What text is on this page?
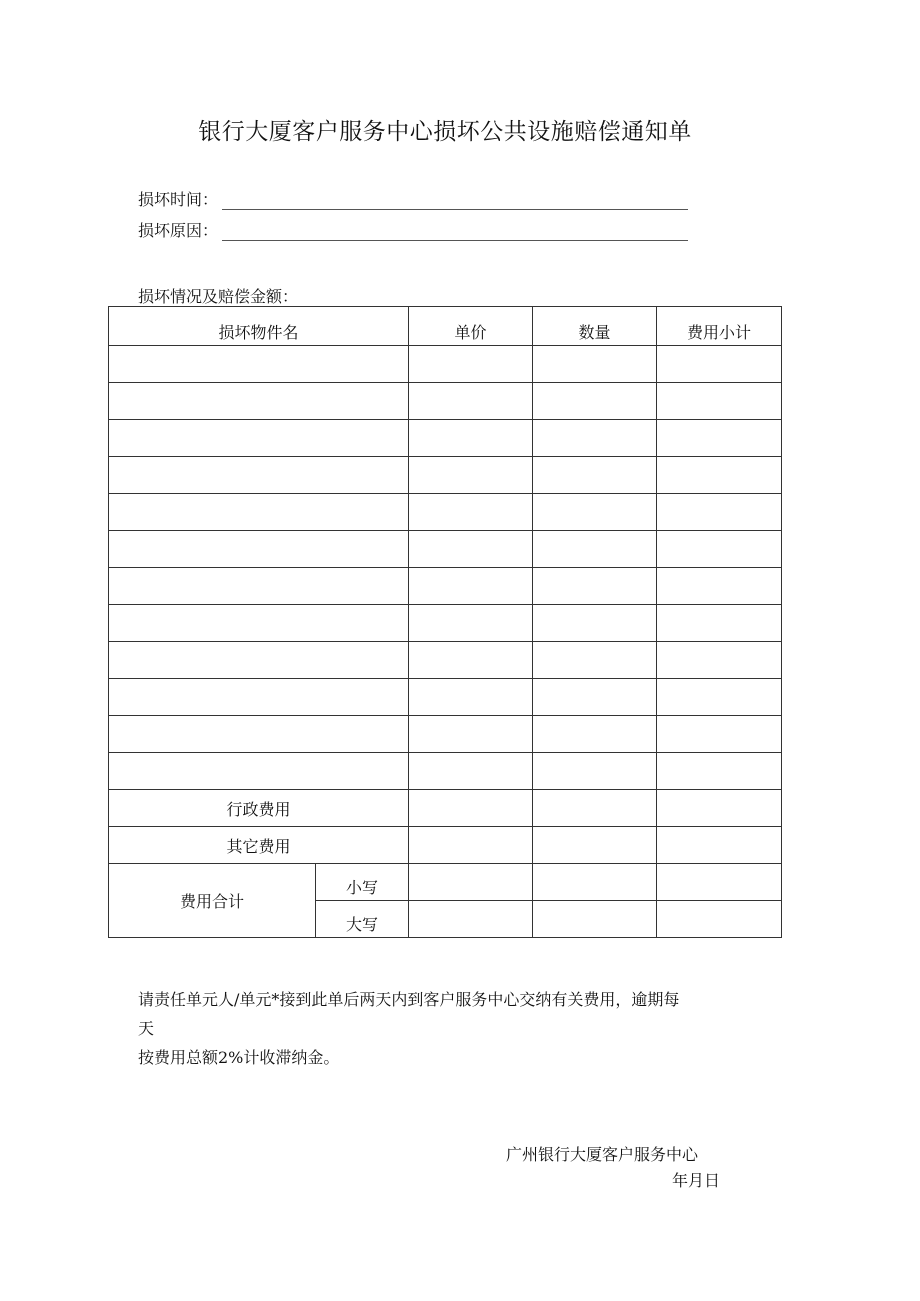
银行大厦客户服务中心损坏公共设施赔偿通知单
损坏时间：
损坏原因：
损坏情况及赔偿金额：
损坏物件名		单价	数量	费用小计

行政费用				
其它费用				
费用合计	小写			
	大写			

请责任单元人/单元*接到此单后两天内到客户服务中心交纳有关费用，逾期每

天

按费用总额2%计收滞纳金。

广州银行大厦客户服务中心
年月日
